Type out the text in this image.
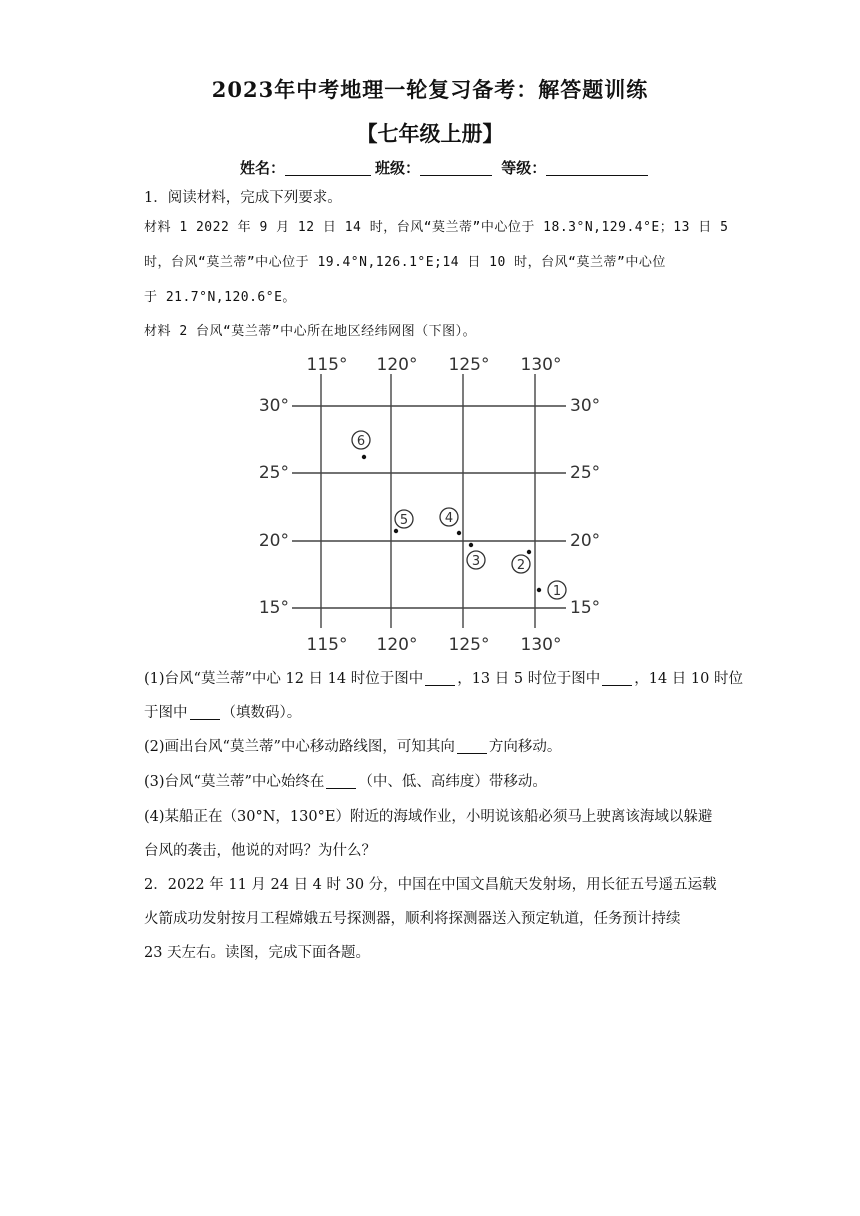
2023年中考地理一轮复习备考：解答题训练
【七年级上册】
姓名：	班级：	等级：
1．阅读材料，完成下列要求。
材料 1 2022 年 9 月 12 日 14 时，台风“莫兰蒂”中心位于 18.3°N,129.4°E；13 日 5
时，台风“莫兰蒂”中心位于 19.4°N,126.1°E;14 日 10 时，台风“莫兰蒂”中心位
于 21.7°N,120.6°E。
材料 2 台风“莫兰蒂”中心所在地区经纬网图（下图）。
115° 120° 125° 130°
115° 120° 125° 130°
30°
25°
20°
15°
30°
25°
20°
15°
1
2
3
4
5
6
(1)台风“莫兰蒂”中心 12 日 14 时位于图中 ，13 日 5 时位于图中 ，14 日 10 时位
于图中 （填数码）。
(2)画出台风“莫兰蒂”中心移动路线图，可知其向 方向移动。
(3)台风“莫兰蒂”中心始终在 （中、低、高纬度）带移动。
(4)某船正在（30°N，130°E）附近的海域作业，小明说该船必须马上驶离该海域以躲避
台风的袭击，他说的对吗？为什么？
2．2022 年 11 月 24 日 4 时 30 分，中国在中国文昌航天发射场，用长征五号遥五运载
火箭成功发射按月工程嫦娥五号探测器，顺利将探测器送入预定轨道，任务预计持续
23 天左右。读图，完成下面各题。
